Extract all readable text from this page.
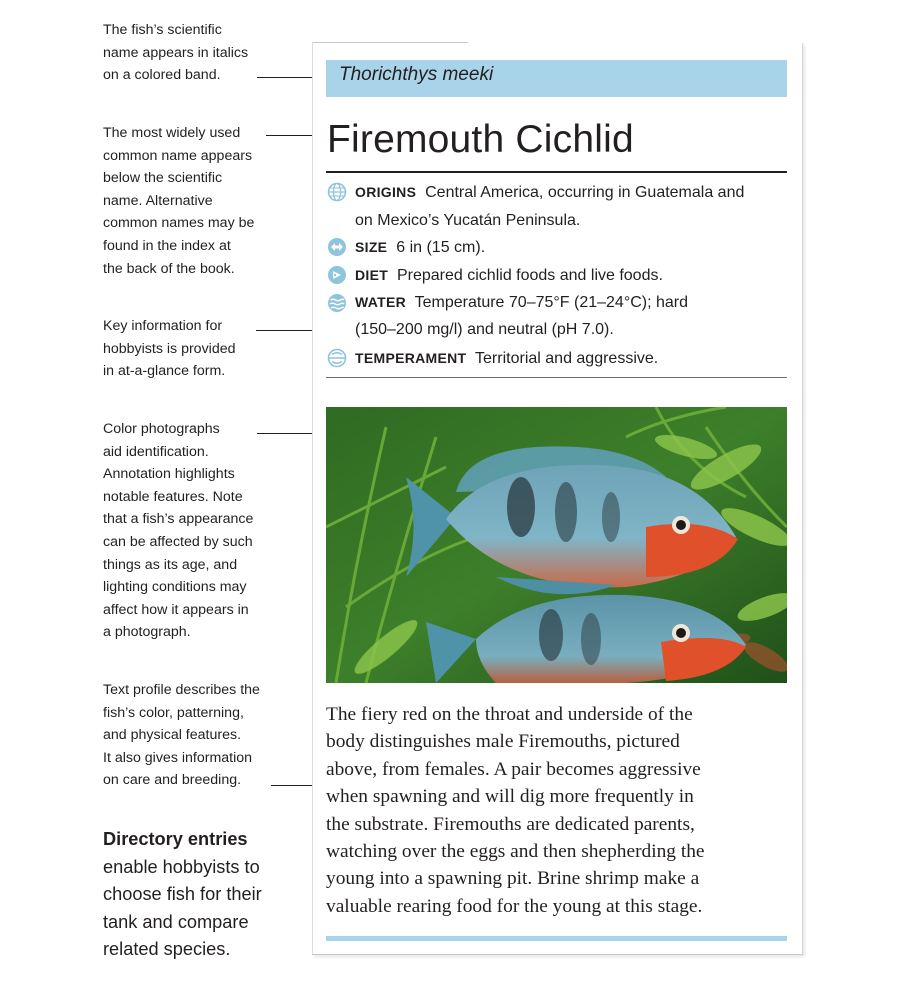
The fish’s scientific
name appears in italics
on a colored band.
The most widely used
common name appears
below the scientific
name. Alternative
common names may be
found in the index at
the back of the book.
Key information for
hobbyists is provided
in at-a-glance form.
Color photographs
aid identification.
Annotation highlights
notable features. Note
that a fish’s appearance
can be affected by such
things as its age, and
lighting conditions may
affect how it appears in
a photograph.
Text profile describes the
fish’s color, patterning,
and physical features.
It also gives information
on care and breeding.
Directory entries
enable hobbyists to
choose fish for their
tank and compare
related species.
Thorichthys meeki
Firemouth Cichlid
ORIGINS Central America, occurring in Guatemala and
on Mexico’s Yucatán Peninsula.
SIZE 6 in (15 cm).
DIET Prepared cichlid foods and live foods.
WATER Temperature 70–75°F (21–24°C); hard
(150–200 mg/l) and neutral (pH 7.0).
TEMPERAMENT Territorial and aggressive.
The fiery red on the throat and underside of the
body distinguishes male Firemouths, pictured
above, from females. A pair becomes aggressive
when spawning and will dig more frequently in
the substrate. Firemouths are dedicated parents,
watching over the eggs and then shepherding the
young into a spawning pit. Brine shrimp make a
valuable rearing food for the young at this stage.
